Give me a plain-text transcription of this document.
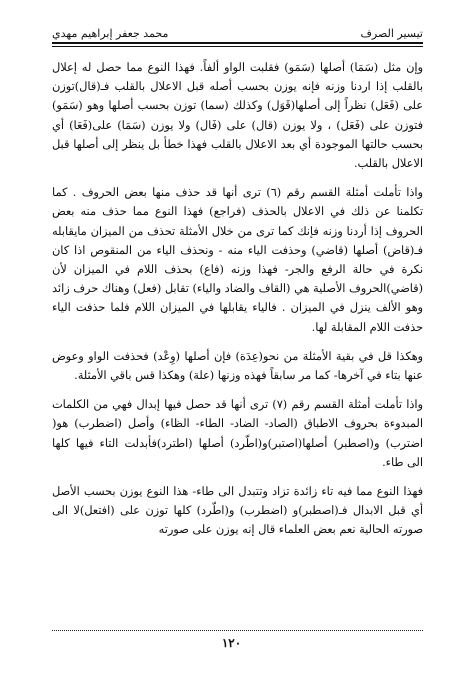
تيسير الصرف
محمد جعفر إبراهيم مهدي

وإن مثل (سَمَا) أصلها (سَمَو) فقلبت الواو ألفاً. فهذا النوع مما حصل له إعلال بالقلب إذا اردنا وزنه فإنه يوزن بحسب أصله قبل الاعلال بالقلب فـ(قال)توزن على (فَعَل) نظراً إلى أصلها(قَوَل) وكذلك (سما) توزن بحسب أصلها وهو (سَمَو) فتوزن على (فَعَل) ، ولا يوزن (قال) على (فَال) ولا يوزن (سَمَا) على(فَعَا) أي بحسب حالتها الموجودة أي بعد الاعلال بالقلب فهذا خطأ بل ينظر إلى أصلها قبل الاعلال بالقلب.

واذا تأملت أمثلة القسم رقم (٦) ترى أنها قد حذف منها بعض الحروف . كما تكلمنا عن ذلك في الاعلال بالحذف (فراجع) فهذا النوع مما حذف منه بعض الحروف إذا أردنا وزنه فإنك كما ترى من خلال الأمثلة تحذف من الميزان مايقابله فـ(قاض) أصلها (قاضي) وحذفت الياء منه - ونحذف الياء من المنقوص اذا كان نكرة في حالة الرفع والجر- فهذا وزنه (فاع) بحذف اللام في الميزان لأن (قاضي)الحروف الأصلية هي (القاف والضاد والياء) تقابل (فعل) وهناك حرف زائد وهو الألف ينزل في الميزان . فالياء يقابلها في الميزان اللام فلما حذفت الياء حذفت اللام المقابلة لها.

وهكذا قل في بقية الأمثلة من نحو(عِدَة) فإن أصلها (وِعْد) فحذفت الواو وعوض عنها بتاء في آخرها- كما مر سابقاً فهذه وزنها (علة) وهكذا قس باقي الأمثلة.

واذا تأملت أمثلة القسم رقم (٧) ترى أنها قد حصل فيها إبدال فهي من الكلمات المبدوءة بحروف الاطباق (الصاد- الضاد- الطاء- الظاء) وأصل (اضطرب) هو( اضترب) و(اصطبر) أصلها(اصتبر)و(اطّرد) أصلها (اطترد)فأبدلت التاء فيها كلها الى طاء.

فهذا النوع مما فيه تاء زائدة تزاد وتتبدل الى طاء- هذا النوع يوزن بحسب الأصل أي قبل الابدال فـ(اصطبر)و (اضطرب) و(اطّرد) كلها توزن على (افتعل)لا الى صورته الحالية نعم بعض العلماء قال إنه يوزن على صورته

١٢٠
